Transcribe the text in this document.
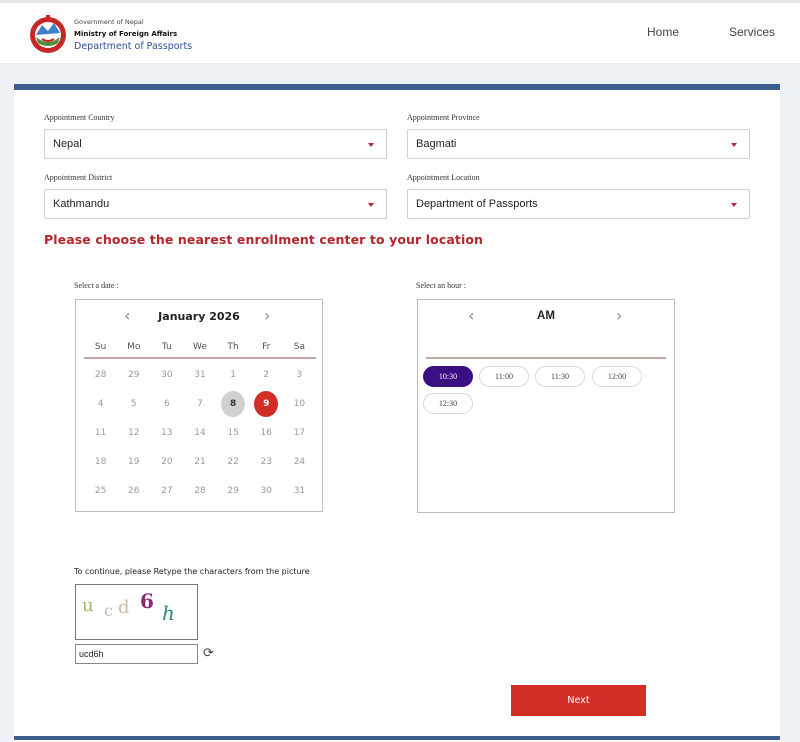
Government of Nepal
Ministry of Foreign Affairs
Department of Passports
Home	Services
Appointment Country
Nepal
Appointment Province
Bagmati
Appointment District
Kathmandu
Appointment Location
Department of Passports
Please choose the nearest enrollment center to your location
Select a date :
‹	January 2026	›
Su	Mo	Tu	We	Th	Fr	Sa
28	29	30	31	1	2	3
4	5	6	7	8	9	10
11	12	13	14	15	16	17
18	19	20	21	22	23	24
25	26	27	28	29	30	31
Select an hour :
‹	AM	›
10:30	11:00	11:30	12:00
12:30
To continue, please Retype the characters from the picture
u c d 6 h
ucd6h	⟳
Next
